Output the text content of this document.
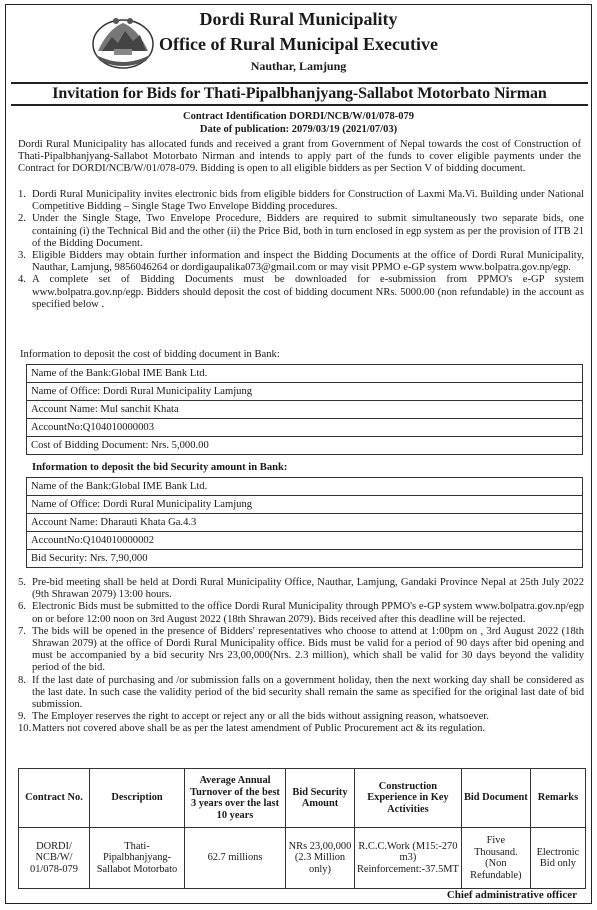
Dordi Rural Municipality
Office of Rural Municipal Executive
Nauthar, Lamjung
Invitation for Bids for Thati-Pipalbhanjyang-Sallabot Motorbato Nirman
Contract Identification DORDI/NCB/W/01/078-079
Date of publication: 2079/03/19 (2021/07/03)
Dordi Rural Municipality has allocated funds and received a grant from Government of Nepal towards the cost of Construction of Thati-Pipalbhanjyang-Sallabot Motorbato Nirman and intends to apply part of the funds to cover eligible payments under the Contract for DORDI/NCB/W/01/078-079. Bidding is open to all eligible bidders as per Section V of bidding document.
1. Dordi Rural Municipality invites electronic bids from eligible bidders for Construction of Laxmi Ma.Vi. Building under National Competitive Bidding – Single Stage Two Envelope Bidding procedures.
2. Under the Single Stage, Two Envelope Procedure, Bidders are required to submit simultaneously two separate bids, one containing (i) the Technical Bid and the other (ii) the Price Bid, both in turn enclosed in egp system as per the provision of ITB 21 of the Bidding Document.
3. Eligible Bidders may obtain further information and inspect the Bidding Documents at the office of Dordi Rural Municipality, Nauthar, Lamjung, 9856046264 or dordigaupalika073@gmail.com or may visit PPMO e-GP system www.bolpatra.gov.np/egp.
4. A complete set of Bidding Documents must be downloaded for e-submission from PPMO's e-GP system www.bolpatra.gov.np/egp. Bidders should deposit the cost of bidding document NRs. 5000.00 (non refundable) in the account as specified below .
Information to deposit the cost of bidding document in Bank:
Name of the Bank:Global IME Bank Ltd.
Name of Office: Dordi Rural Municipality Lamjung
Account Name: Mul sanchit Khata
AccountNo:Q104010000003
Cost of Bidding Document: Nrs. 5,000.00
Information to deposit the bid Security amount in Bank:
Name of the Bank:Global IME Bank Ltd.
Name of Office: Dordi Rural Municipality Lamjung
Account Name: Dharauti Khata Ga.4.3
AccountNo:Q104010000002
Bid Security: Nrs. 7,90,000
5. Pre-bid meeting shall be held at Dordi Rural Municipality Office, Nauthar, Lamjung, Gandaki Province Nepal at 25th July 2022 (9th Shrawan 2079) 13:00 hours.
6. Electronic Bids must be submitted to the office Dordi Rural Municipality through PPMO's e-GP system www.bolpatra.gov.np/egp on or before 12:00 noon on 3rd August 2022 (18th Shrawan 2079). Bids received after this deadline will be rejected.
7. The bids will be opened in the presence of Bidders' representatives who choose to attend at 1:00pm on , 3rd August 2022 (18th Shrawan 2079) at the office of Dordi Rural Municipality office. Bids must be valid for a period of 90 days after bid opening and must be accompanied by a bid security Nrs 23,00,000(Nrs. 2.3 million), which shall be valid for 30 days beyond the validity period of the bid.
8. If the last date of purchasing and /or submission falls on a government holiday, then the next working day shall be considered as the last date. In such case the validity period of the bid security shall remain the same as specified for the original last date of bid submission.
9. The Employer reserves the right to accept or reject any or all the bids without assigning reason, whatsoever.
10. Matters not covered above shall be as per the latest amendment of Public Procurement act & its regulation.
Contract No.	Description	Average Annual Turnover of the best 3 years over the last 10 years	Bid Security Amount	Construction Experience in Key Activities	Bid Document	Remarks
DORDI/ NCB/W/ 01/078-079	Thati-Pipalbhanjyang-Sallabot Motorbato	62.7 millions	NRs 23,00,000 (2.3 Million only)	R.C.C.Work (M15:-270 m3) Reinforcement:-37.5MT	Five Thousand. (Non Refundable)	Electronic Bid only
Chief administrative officer
